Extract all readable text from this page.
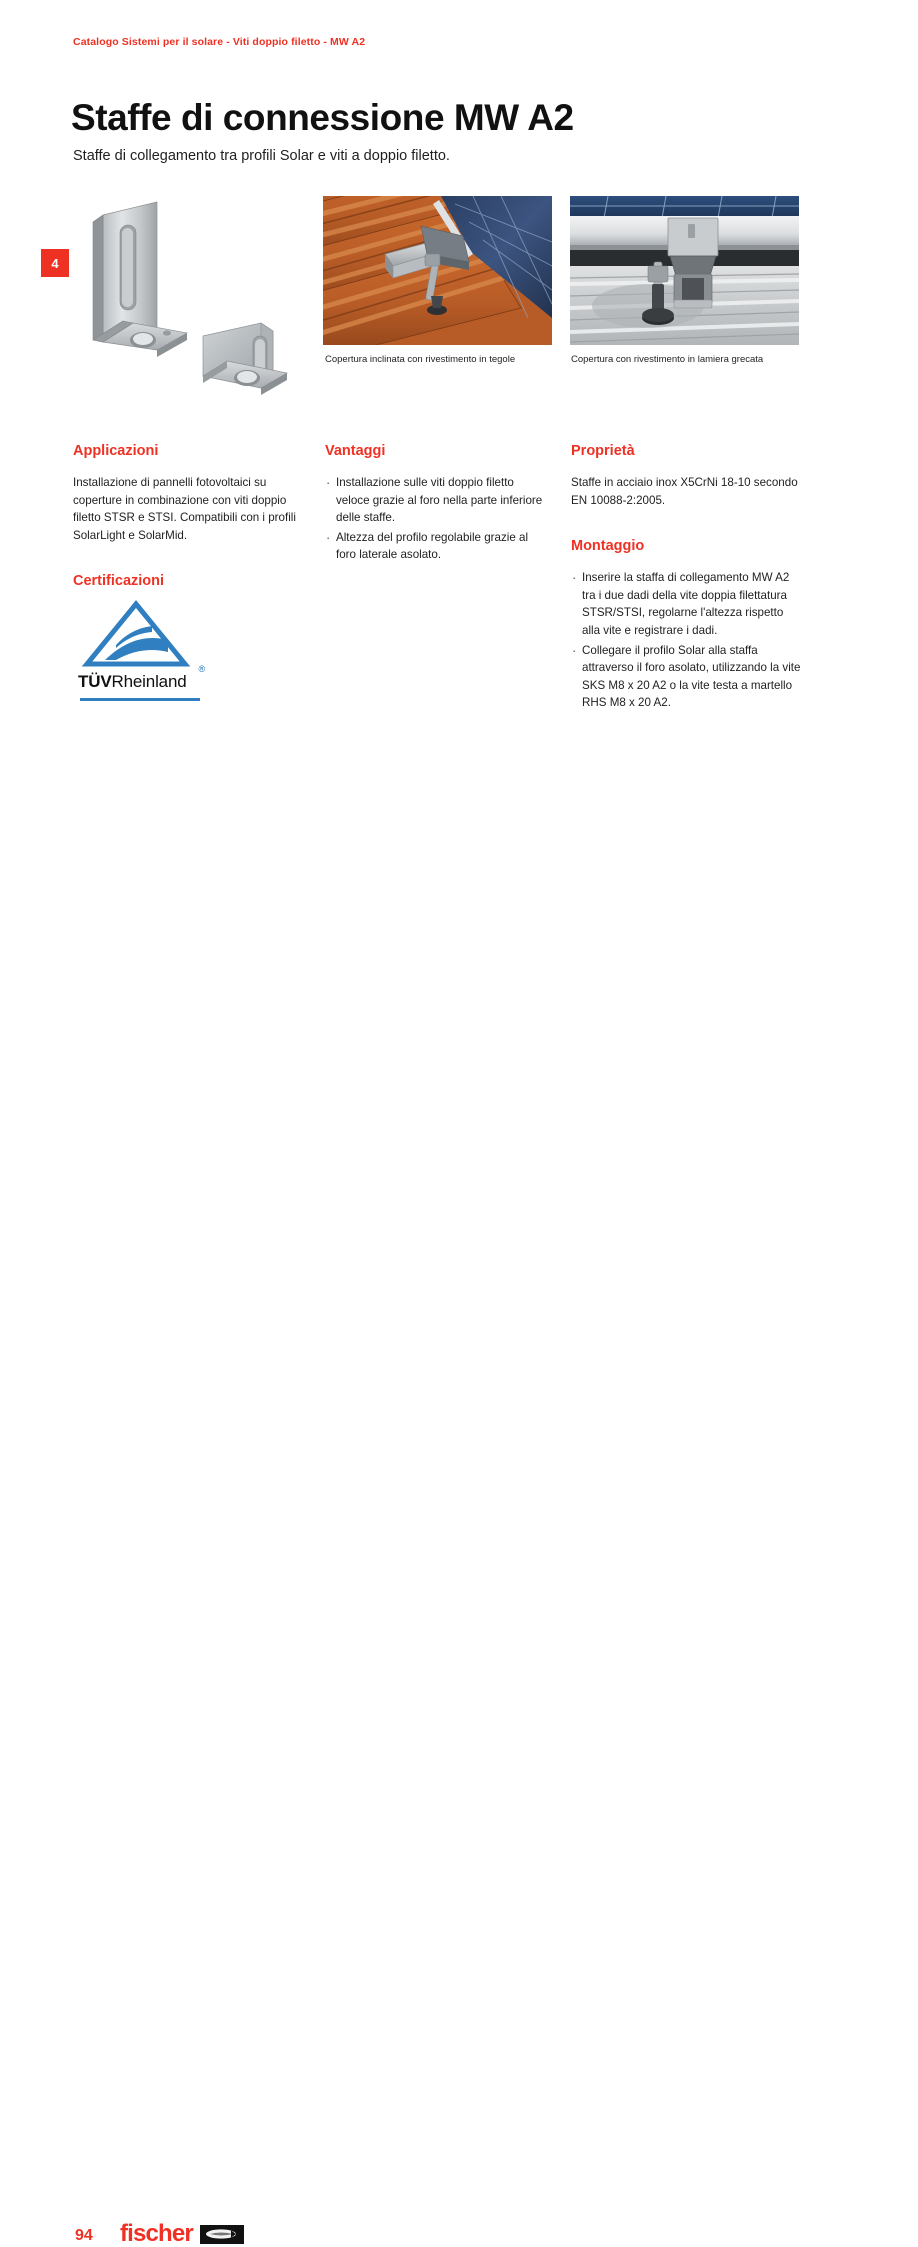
Catalogo Sistemi per il solare - Viti doppio filetto - MW A2
Staffe di connessione MW A2

Staffe di collegamento tra profili Solar e viti a doppio filetto.

4
Copertura inclinata con rivestimento in tegole	Copertura con rivestimento in lamiera grecata
Applicazioni

Installazione di pannelli fotovoltaici su coperture in combinazione con viti doppio filetto STSR e STSI. Compatibili con i profili SolarLight e SolarMid.

Certificazioni
TÜVRheinland
®
Vantaggi
· Installazione sulle viti doppio filetto veloce grazie al foro nella parte inferiore delle staffe.
· Altezza del profilo regolabile grazie al foro laterale asolato.
Proprietà

Staffe in acciaio inox X5CrNi 18-10 secondo EN 10088-2:2005.

Montaggio
· Inserire la staffa di collegamento MW A2 tra i due dadi della vite doppia filettatura STSR/STSI, regolarne l'altezza rispetto alla vite e registrare i dadi.
· Collegare il profilo Solar alla staffa attraverso il foro asolato, utilizzando la vite SKS M8 x 20 A2 o la vite testa a martello RHS M8 x 20 A2.
94 fischer
